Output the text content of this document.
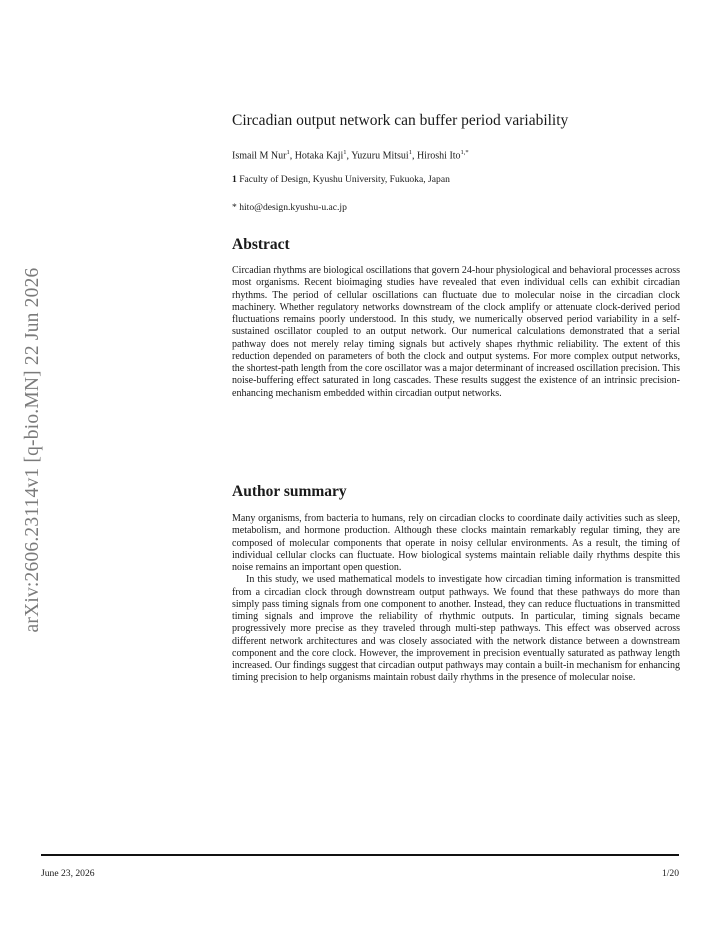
arXiv:2606.23114v1 [q-bio.MN] 22 Jun 2026
Circadian output network can buffer period variability
Ismail M Nur$^1$, Hotaka Kaji$^1$, Yuzuru Mitsui$^1$, Hiroshi Ito$^{1,*}$
1 Faculty of Design, Kyushu University, Fukuoka, Japan
* hito@design.kyushu-u.ac.jp
Abstract
Circadian rhythms are biological oscillations that govern 24-hour physiological and behavioral processes across most organisms. Recent bioimaging studies have revealed that even individual cells can exhibit circadian rhythms. The period of cellular oscillations can fluctuate due to molecular noise in the circadian clock machinery. Whether regulatory networks downstream of the clock amplify or attenuate clock-derived period fluctuations remains poorly understood. In this study, we numerically observed period variability in a self-sustained oscillator coupled to an output network. Our numerical calculations demonstrated that a serial pathway does not merely relay timing signals but actively shapes rhythmic reliability. The extent of this reduction depended on parameters of both the clock and output systems. For more complex output networks, the shortest-path length from the core oscillator was a major determinant of increased oscillation precision. This noise-buffering effect saturated in long cascades. These results suggest the existence of an intrinsic precision-enhancing mechanism embedded within circadian output networks.
Author summary

Many organisms, from bacteria to humans, rely on circadian clocks to coordinate daily activities such as sleep, metabolism, and hormone production. Although these clocks maintain remarkably regular timing, they are composed of molecular components that operate in noisy cellular environments. As a result, the timing of individual cellular clocks can fluctuate. How biological systems maintain reliable daily rhythms despite this noise remains an important open question.

In this study, we used mathematical models to investigate how circadian timing information is transmitted from a circadian clock through downstream output pathways. We found that these pathways do more than simply pass timing signals from one component to another. Instead, they can reduce fluctuations in transmitted timing signals and improve the reliability of rhythmic outputs. In particular, timing signals became progressively more precise as they traveled through multi-step pathways. This effect was observed across different network architectures and was closely associated with the network distance between a downstream component and the core clock. However, the improvement in precision eventually saturated as pathway length increased. Our findings suggest that circadian output pathways may contain a built-in mechanism for enhancing timing precision to help organisms maintain robust daily rhythms in the presence of molecular noise.

June 23, 2026	1/20
